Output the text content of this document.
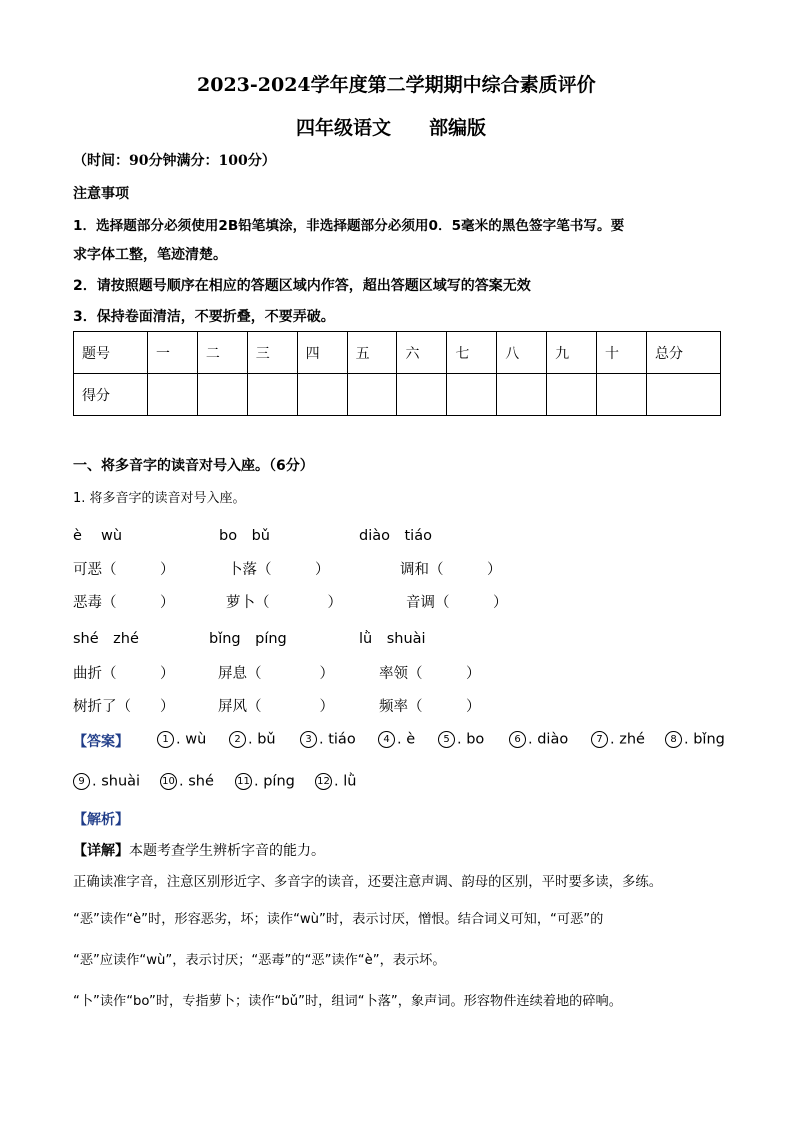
2023-2024学年度第二学期期中综合素质评价
四年级语文　　部编版
（时间：90分钟满分：100分）
注意事项
1．选择题部分必须使用2B铅笔填涂，非选择题部分必须用0．5毫米的黑色签字笔书写。要
求字体工整，笔迹清楚。
2．请按照题号顺序在相应的答题区域内作答，超出答题区域写的答案无效
3．保持卷面清洁，不要折叠，不要弄破。
题号	一	二	三	四	五	六	七	八	九	十	总分
得分											
一、将多音字的读音对号入座。（6分）
1. 将多音字的读音对号入座。
è　 wù	bo　bǔ	diào　tiáo
可恶（　　　）	卜落（　　　）	调和（　　　）
恶毒（　　　）	萝卜（　　　　）	音调（　　　）
shé　zhé	bǐng　píng	lǜ　shuài
曲折（　　　）	屏息（　　　　）	率领（　　　）
树折了（　　）	屏风（　　　　）	频率（　　　）
【答案】	1 . wù	2 . bǔ	3 . tiáo	4 . è	5 . bo	6 . diào	7 . zhé	8 . bǐng
9 . shuài 10 . shé 11 . píng 12 . lǜ
【解析】
【详解】本题考查学生辨析字音的能力。
正确读准字音，注意区别形近字、多音字的读音，还要注意声调、韵母的区别，平时要多读，多练。
“恶”读作“è”时，形容恶劣，坏；读作“wù”时，表示讨厌，憎恨。结合词义可知，“可恶”的
“恶”应读作“wù”，表示讨厌；“恶毒”的“恶”读作“è”，表示坏。
“卜”读作“bo”时，专指萝卜；读作“bǔ”时，组词“卜落”，象声词。形容物件连续着地的碎响。
